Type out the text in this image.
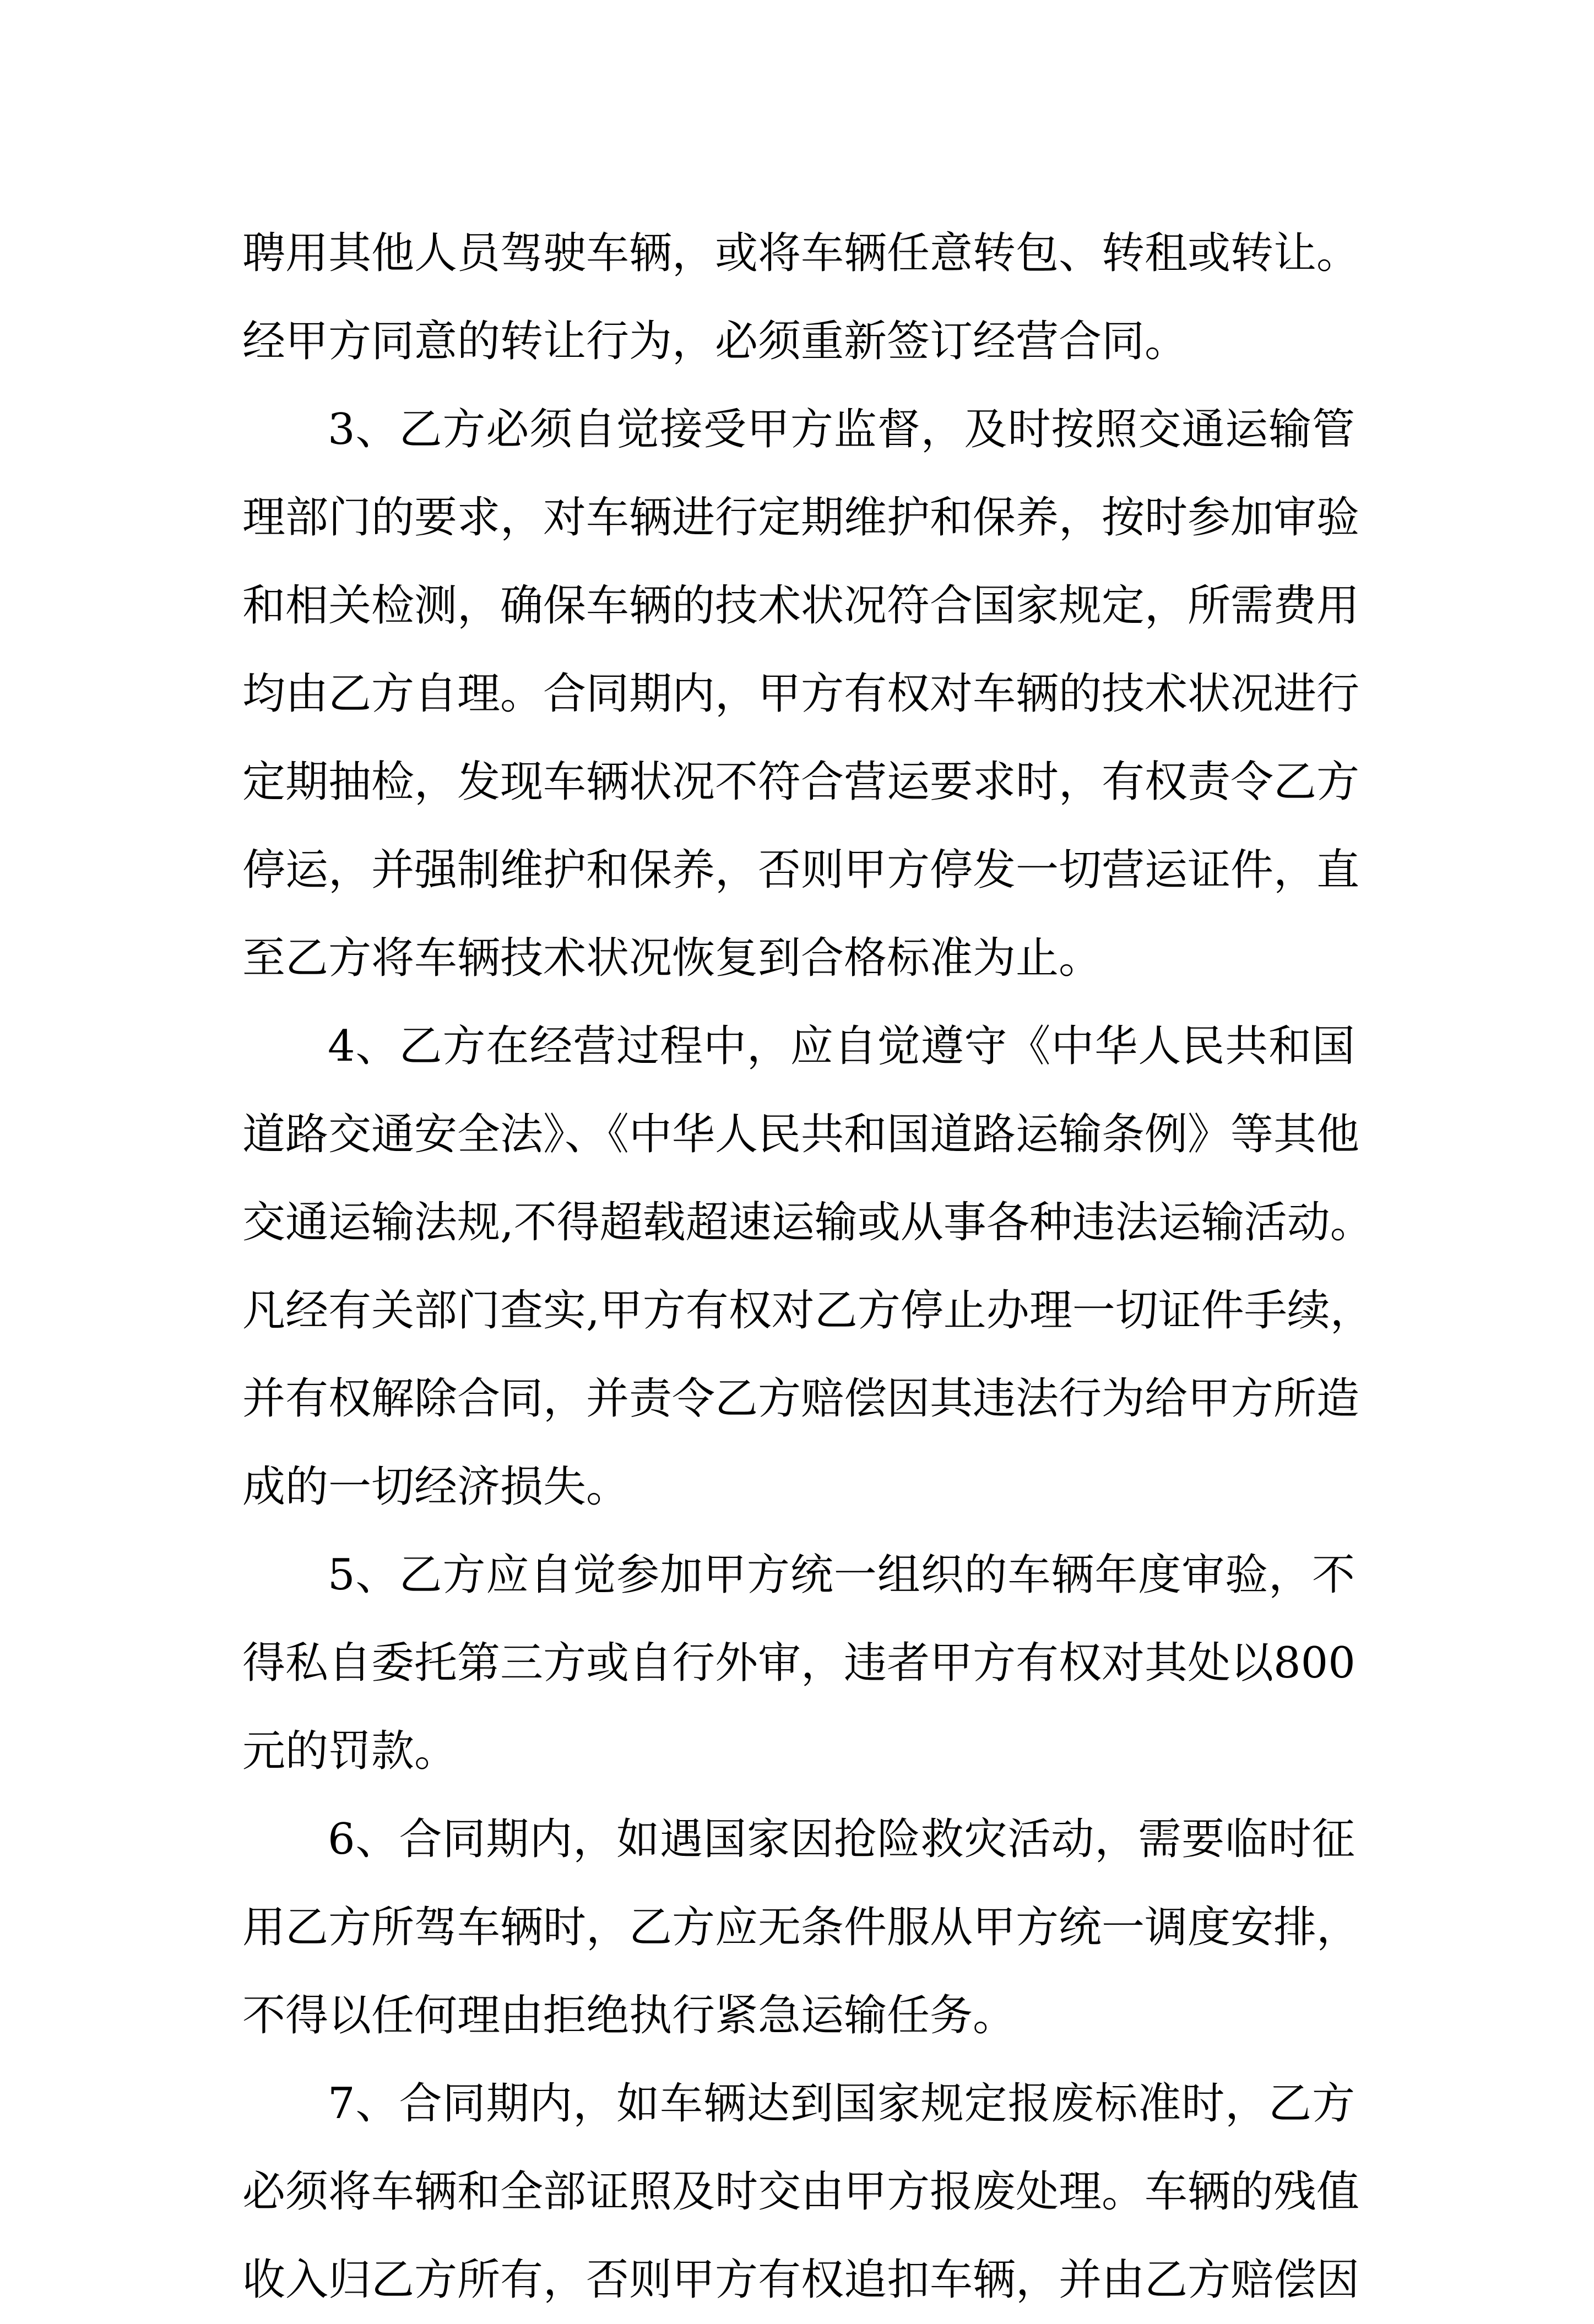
聘用其他人员驾驶车辆，或将车辆任意转包、转租或转让。
经甲方同意的转让行为，必须重新签订经营合同。
3、乙方必须自觉接受甲方监督，及时按照交通运输管
理部门的要求，对车辆进行定期维护和保养，按时参加审验
和相关检测，确保车辆的技术状况符合国家规定，所需费用
均由乙方自理。合同期内，甲方有权对车辆的技术状况进行
定期抽检，发现车辆状况不符合营运要求时，有权责令乙方
停运，并强制维护和保养，否则甲方停发一切营运证件，直
至乙方将车辆技术状况恢复到合格标准为止。
4、乙方在经营过程中，应自觉遵守《中华人民共和国
道路交通安全法》、《中华人民共和国道路运输条例》等其他
交通运输法规,不得超载超速运输或从事各种违法运输活动。
凡经有关部门查实,甲方有权对乙方停止办理一切证件手续，
并有权解除合同，并责令乙方赔偿因其违法行为给甲方所造
成的一切经济损失。
5、乙方应自觉参加甲方统一组织的车辆年度审验，不
得私自委托第三方或自行外审，违者甲方有权对其处以800
元的罚款。
6、合同期内，如遇国家因抢险救灾活动，需要临时征
用乙方所驾车辆时，乙方应无条件服从甲方统一调度安排，
不得以任何理由拒绝执行紧急运输任务。
7、合同期内，如车辆达到国家规定报废标准时，乙方
必须将车辆和全部证照及时交由甲方报废处理。车辆的残值
收入归乙方所有，否则甲方有权追扣车辆，并由乙方赔偿因
